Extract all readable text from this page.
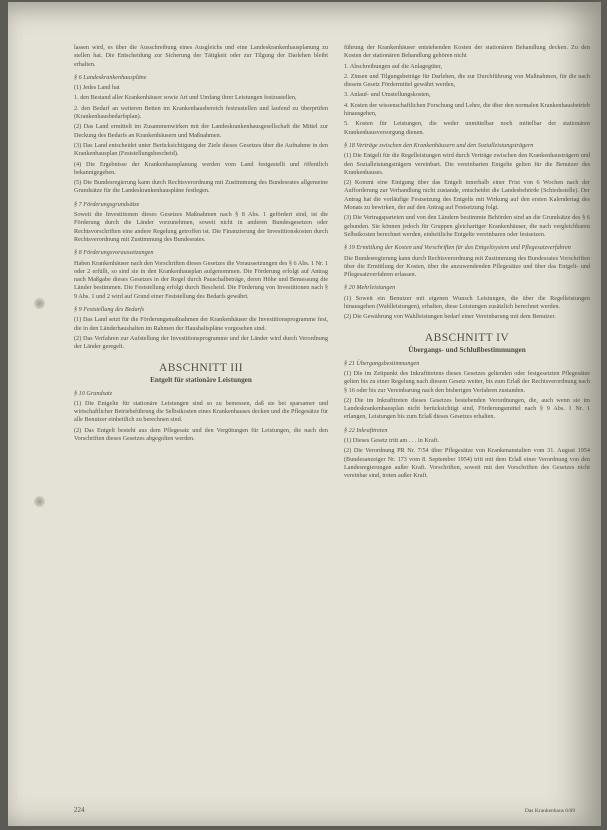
lassen wird, es über die Ausschreibung eines Ausgleichs und eine Landeskrankenhausplanung zu stellen hat. Die Entscheidung zur Sicherung der Tätigkeit oder zur Tilgung der Darlehen bleibt erhalten.

§ 6 Landeskrankenhauspläne

(1) Jedes Land hat

1. den Bestand aller Krankenhäuser sowie Art und Umfang ihrer Leistungen festzustellen,

2. den Bedarf an weiteren Betten im Krankenhausbereich festzustellen und laufend zu überprüfen (Krankenhausbedarfsplan).

(2) Das Land ermittelt im Zusammenwirken mit der Landeskrankenhausgesellschaft die Mittel zur Deckung des Bedarfs an Krankenhäusern und Maßnahmen.

(3) Das Land entscheidet unter Berücksichtigung der Ziele dieses Gesetzes über die Aufnahme in den Krankenhausplan (Feststellungsbescheid).

(4) Die Ergebnisse der Krankenhausplanung werden vom Land festgestellt und öffentlich bekanntgegeben.

(5) Die Bundesregierung kann durch Rechtsverordnung mit Zustimmung des Bundesrates allgemeine Grundsätze für die Landeskrankenhauspläne festlegen.

§ 7 Förderungsgrundsätze

Soweit die Investitionen dieses Gesetzes Maßnahmen nach § 8 Abs. 1 gefördert sind, ist die Förderung durch die Länder vorzunehmen, soweit nicht in anderen Bundesgesetzen oder Rechtsvorschriften eine andere Regelung getroffen ist. Die Finanzierung der Investitionskosten durch Rechtsverordnung mit Zustimmung des Bundesrates.

§ 8 Förderungsvoraussetzungen

Haben Krankenhäuser nach den Vorschriften dieses Gesetzes die Voraussetzungen des § 6 Abs. 1 Nr. 1 oder 2 erfüllt, so sind sie in den Krankenhausplan aufgenommen. Die Förderung erfolgt auf Antrag nach Maßgabe dieses Gesetzes in der Regel durch Pauschalbeträge, deren Höhe und Bemessung die Länder bestimmen. Die Feststellung erfolgt durch Bescheid. Die Förderung von Investitionen nach § 9 Abs. 1 und 2 wird auf Grund einer Feststellung des Bedarfs gewährt.

§ 9 Feststellung des Bedarfs

(1) Das Land setzt für die Förderungsmaßnahmen der Krankenhäuser die Investitionsprogramme fest, die in den Länderhaushalten im Rahmen der Haushaltspläne vorgesehen sind.

(2) Das Verfahren zur Aufstellung der Investitionsprogramme und der Länder wird durch Verordnung der Länder geregelt.

ABSCHNITT III
Entgelt für stationäre Leistungen

§ 10 Grundsatz

(1) Die Entgelte für stationäre Leistungen sind so zu bemessen, daß sie bei sparsamer und wirtschaftlicher Betriebsführung die Selbstkosten eines Krankenhauses decken und die Pflegesätze für alle Benutzer einheitlich zu berechnen sind.

(2) Das Entgelt besteht aus dem Pflegesatz und den Vergütungen für Leistungen, die nach den Vorschriften dieses Gesetzes abgegolten werden.

führung der Krankenhäuser entstehenden Kosten der stationären Behandlung decken. Zu den Kosten der stationären Behandlung gehören nicht

1. Abschreibungen auf die Anlagegüter,

2. Zinsen und Tilgungsbeträge für Darlehen, die zur Durchführung von Maßnahmen, für die nach diesem Gesetz Fördermittel gewährt werden,

3. Anlauf- und Umstellungskosten,

4. Kosten der wissenschaftlichen Forschung und Lehre, die über den normalen Krankenhausbetrieb hinausgehen,

5. Kosten für Leistungen, die weder unmittelbar noch mittelbar der stationären Krankenhausversorgung dienen.

§ 18 Verträge zwischen den Krankenhäusern und den Sozialleistungsträgern

(1) Die Entgelt für die Regelleistungen wird durch Verträge zwischen den Krankenhausträgern und den Sozialleistungsträgern vereinbart. Die vereinbarten Entgelte gelten für die Benutzer des Krankenhauses.

(2) Kommt eine Einigung über das Entgelt innerhalb einer Frist von 6 Wochen nach der Aufforderung zur Verhandlung nicht zustande, entscheidet die Landesbehörde (Schiedsstelle). Der Antrag hat die vorläufige Festsetzung des Entgelts mit Wirkung auf den ersten Kalendertag des Monats zu bewirken, der auf den Antrag auf Festsetzung folgt.

(3) Die Vertragsparteien und von den Ländern bestimmte Behörden sind an die Grundsätze des § 6 gebunden. Sie können jedoch für Gruppen gleichartiger Krankenhäuser, die nach vergleichbaren Selbstkosten berechnet werden, einheitliche Entgelte vereinbaren oder festsetzen.

§ 19 Ermittlung der Kosten und Vorschriften für das Entgeltsystem und Pflegesatzverfahren

Die Bundesregierung kann durch Rechtsverordnung mit Zustimmung des Bundesrates Vorschriften über die Ermittlung der Kosten, über die anzuwendenden Pflegesätze und über das Entgelt- und Pflegesatzverfahren erlassen.

§ 20 Mehrleistungen

(1) Soweit ein Benutzer mit eigenen Wunsch Leistungen, die über die Regelleistungen hinausgehen (Wahlleistungen), erhalten, diese Leistungen zusätzlich berechnet werden.

(2) Die Gewährung von Wahlleistungen bedarf einer Vereinbarung mit dem Benutzer.

ABSCHNITT IV
Übergangs- und Schlußbestimmungen

§ 21 Übergangsbestimmungen

(1) Die im Zeitpunkt des Inkrafttretens dieses Gesetzes geltenden oder festgesetzten Pflegesätze gelten bis zu einer Regelung nach diesem Gesetz weiter, bis zum Erlaß der Rechtsverordnung nach § 16 oder bis zur Vereinbarung nach den bisherigen Verfahren zustanden.

(2) Die im Inkrafttreten dieses Gesetzes bestehenden Verordnungen, die, auch wenn sie im Landeskrankenhausplan nicht berücksichtigt sind, Förderungsmittel nach § 9 Abs. 1 Nr. 1 erlangen, Leistungen bis zum Erlaß dieses Gesetzes erhalten.

§ 22 Inkrafttreten

(1) Dieses Gesetz tritt am . . . in Kraft.

(2) Die Verordnung PR Nr. 7/54 über Pflegesätze von Krankenanstalten vom 31. August 1954 (Bundesanzeiger Nr. 173 vom 8. September 1954) tritt mit dem Erlaß einer Verordnung von den Landesregierungen außer Kraft. Vorschriften, soweit mit den Vorschriften des Gesetzes nicht vereinbar sind, treten außer Kraft.

224	Das Krankenhaus 6/69
